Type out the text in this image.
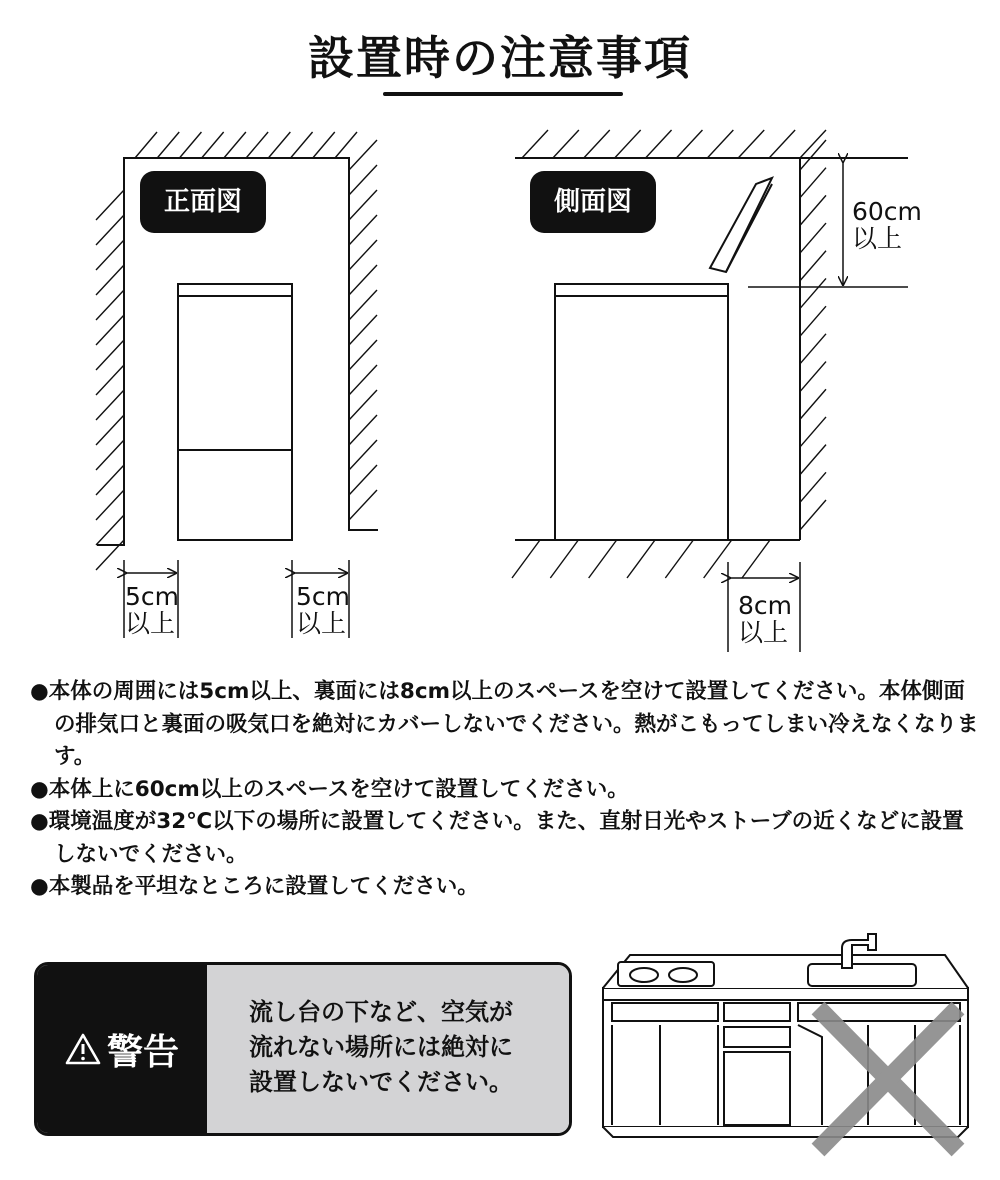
設置時の注意事項
正面図	側面図
5cm
以上
5cm
以上
60cm
以上
8cm
以上

●本体の周囲には5cm以上、裏面には8cm以上のスペースを空けて設置してください。本体側面の排気口と裏面の吸気口を絶対にカバーしないでください。熱がこもってしまい冷えなくなります。

●本体上に60cm以上のスペースを空けて設置してください。

●環境温度が32℃以下の場所に設置してください。また、直射日光やストーブの近くなどに設置しないでください。

●本製品を平坦なところに設置してください。

警告
流し台の下など、空気が
流れない場所には絶対に
設置しないでください。
